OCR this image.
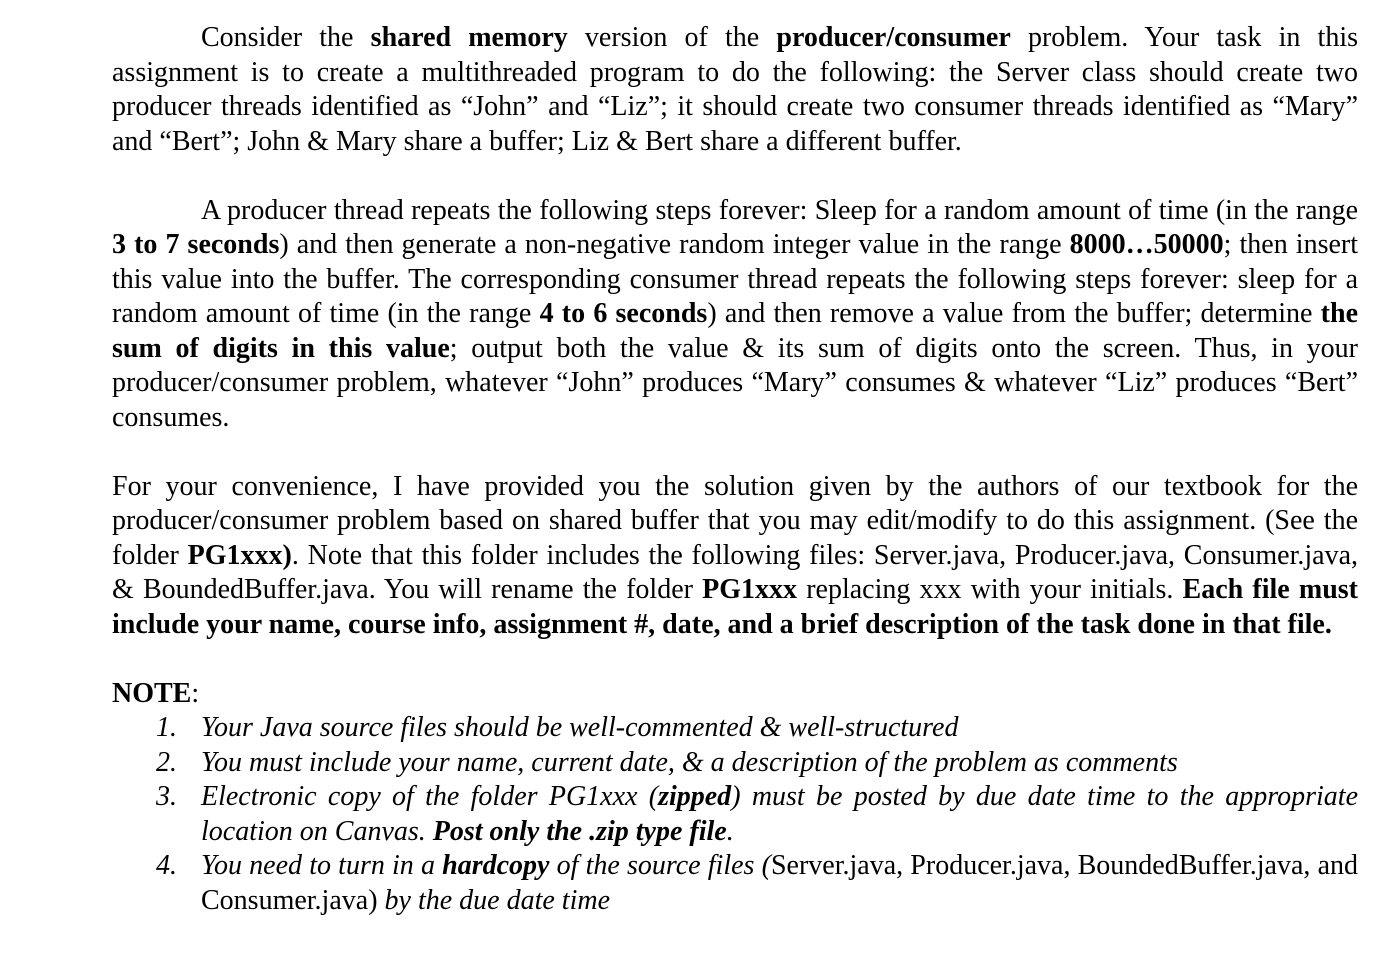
Consider the shared memory version of the producer/consumer problem. Your task in this assignment is to create a multithreaded program to do the following: the Server class should create two producer threads identified as “John” and “Liz”; it should create two consumer threads identified as “Mary” and “Bert”; John & Mary share a buffer; Liz & Bert share a different buffer.

A producer thread repeats the following steps forever: Sleep for a random amount of time (in the range 3 to 7 seconds) and then generate a non-negative random integer value in the range 8000…50000; then insert this value into the buffer. The corresponding consumer thread repeats the following steps forever: sleep for a random amount of time (in the range 4 to 6 seconds) and then remove a value from the buffer; determine the sum of digits in this value; output both the value & its sum of digits onto the screen. Thus, in your producer/consumer problem, whatever “John” produces “Mary” consumes & whatever “Liz” produces “Bert” consumes.

For your convenience, I have provided you the solution given by the authors of our textbook for the producer/consumer problem based on shared buffer that you may edit/modify to do this assignment. (See the folder PG1xxx). Note that this folder includes the following files: Server.java, Producer.java, Consumer.java, & BoundedBuffer.java. You will rename the folder PG1xxx replacing xxx with your initials. Each file must include your name, course info, assignment #, date, and a brief description of the task done in that file.

NOTE:

1. Your Java source files should be well-commented & well-structured
2. You must include your name, current date, & a description of the problem as comments
3. Electronic copy of the folder PG1xxx (zipped) must be posted by due date time to the appropriate location on Canvas. Post only the .zip type file.
4. You need to turn in a hardcopy of the source files (Server.java, Producer.java, BoundedBuffer.java, and Consumer.java) by the due date time
